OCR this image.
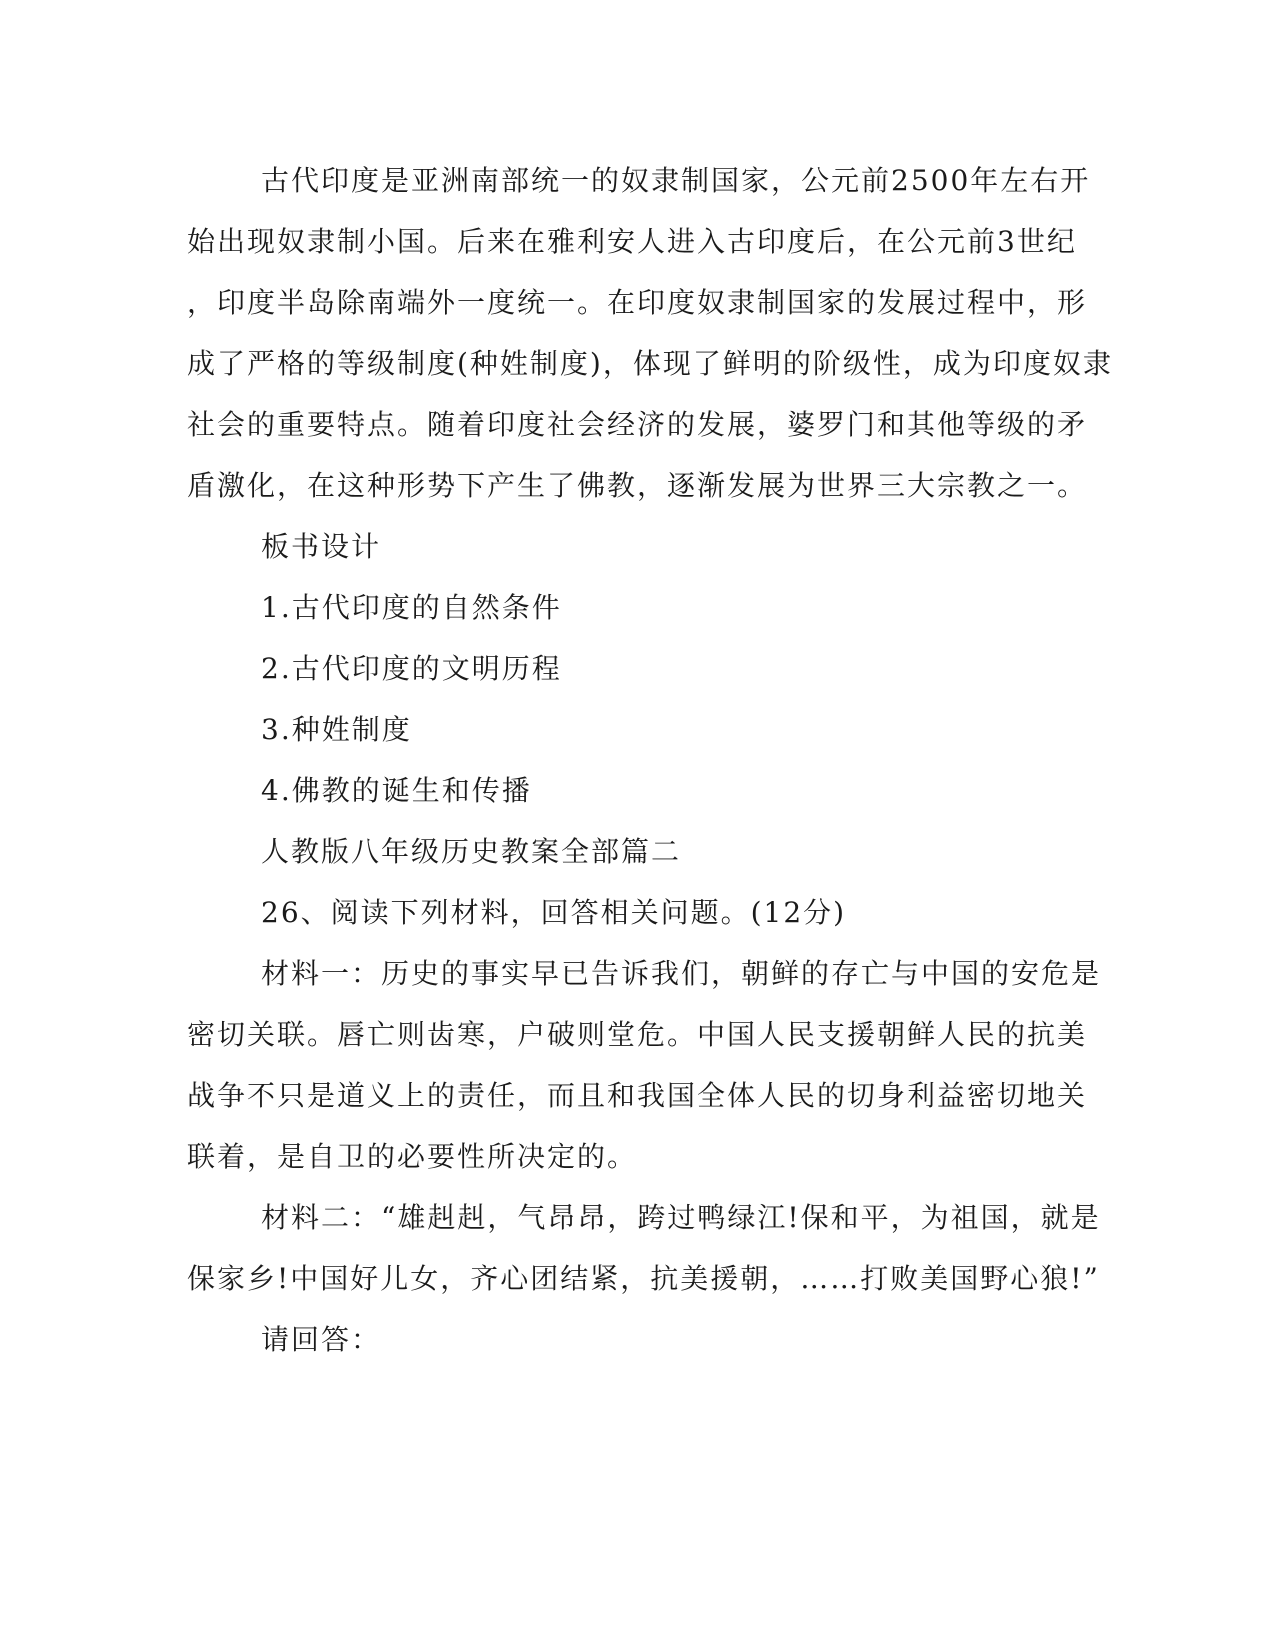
古代印度是亚洲南部统一的奴隶制国家，公元前2500年左右开
始出现奴隶制小国。后来在雅利安人进入古印度后，在公元前3世纪
，印度半岛除南端外一度统一。在印度奴隶制国家的发展过程中，形
成了严格的等级制度(种姓制度)，体现了鲜明的阶级性，成为印度奴隶
社会的重要特点。随着印度社会经济的发展，婆罗门和其他等级的矛
盾激化，在这种形势下产生了佛教，逐渐发展为世界三大宗教之一。
板书设计
1.古代印度的自然条件
2.古代印度的文明历程
3.种姓制度
4.佛教的诞生和传播
人教版八年级历史教案全部篇二
26、阅读下列材料，回答相关问题。(12分)
材料一：历史的事实早已告诉我们，朝鲜的存亡与中国的安危是
密切关联。唇亡则齿寒，户破则堂危。中国人民支援朝鲜人民的抗美
战争不只是道义上的责任，而且和我国全体人民的切身利益密切地关
联着，是自卫的必要性所决定的。
材料二：“雄赳赳，气昂昂，跨过鸭绿江!保和平，为祖国，就是
保家乡!中国好儿女，齐心团结紧，抗美援朝，……打败美国野心狼!”
请回答：
